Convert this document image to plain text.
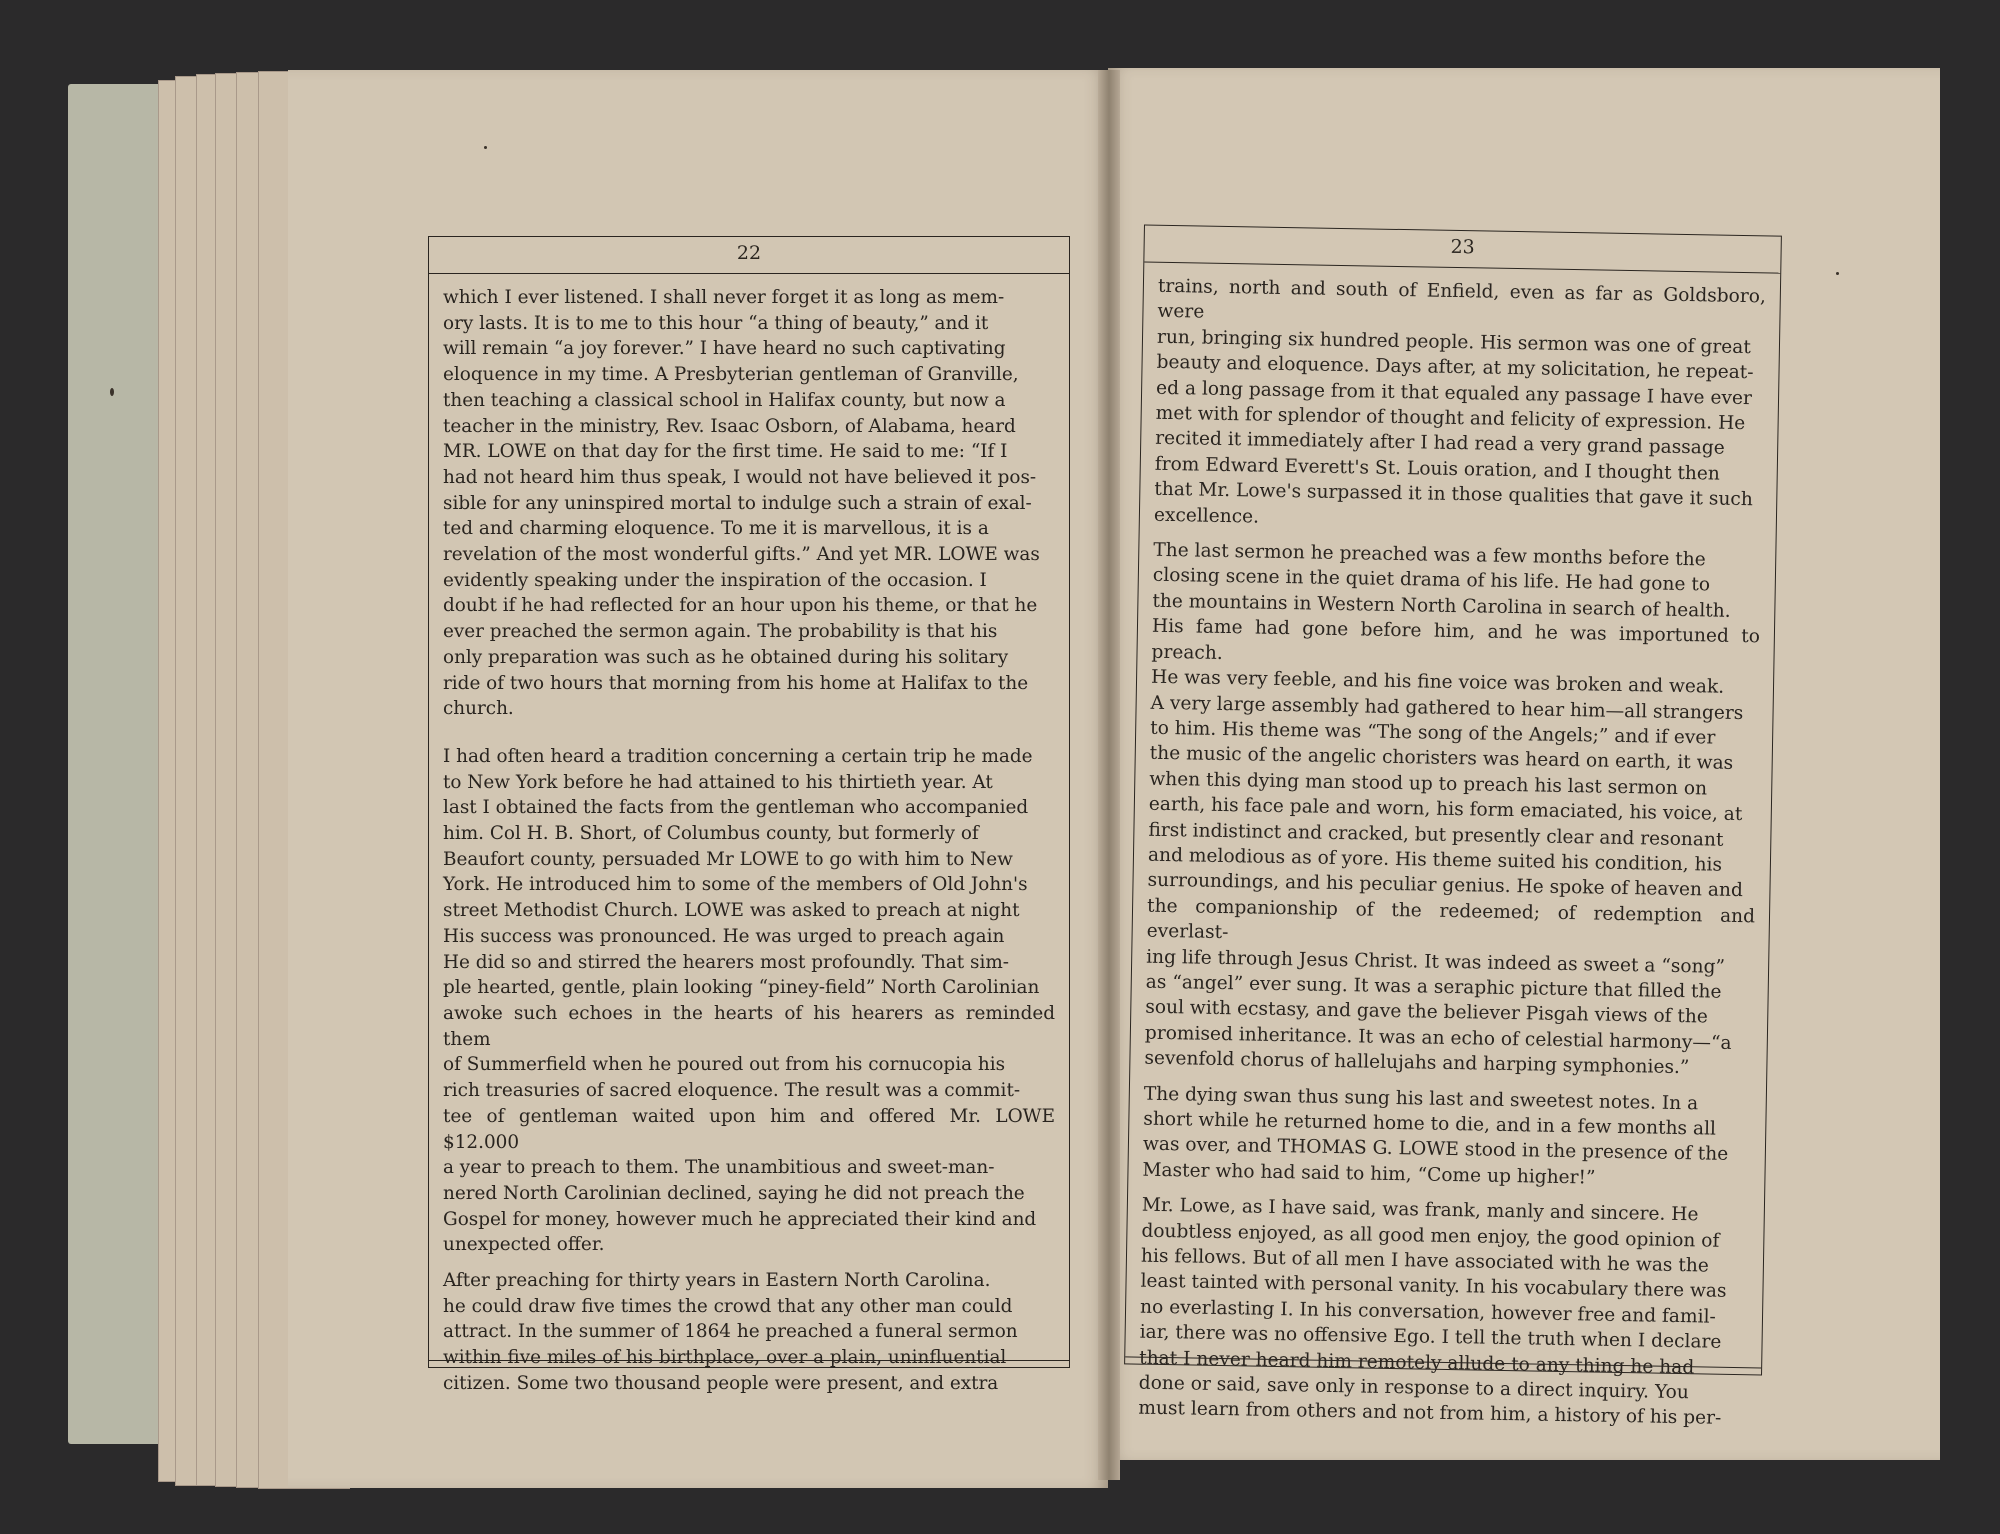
22

which I ever listened. I shall never forget it as long as mem-
ory lasts. It is to me to this hour “a thing of beauty,” and it
will remain “a joy forever.” I have heard no such captivating
eloquence in my time. A Presbyterian gentleman of Granville,
then teaching a classical school in Halifax county, but now a
teacher in the ministry, Rev. Isaac Osborn, of Alabama, heard
MR. LOWE on that day for the first time. He said to me: “If I
had not heard him thus speak, I would not have believed it pos-
sible for any uninspired mortal to indulge such a strain of exal-
ted and charming eloquence. To me it is marvellous, it is a
revelation of the most wonderful gifts.” And yet MR. LOWE was
evidently speaking under the inspiration of the occasion. I
doubt if he had reflected for an hour upon his theme, or that he
ever preached the sermon again. The probability is that his
only preparation was such as he obtained during his solitary
ride of two hours that morning from his home at Halifax to the
church.

I had often heard a tradition concerning a certain trip he made
to New York before he had attained to his thirtieth year. At
last I obtained the facts from the gentleman who accompanied
him. Col H. B. Short, of Columbus county, but formerly of
Beaufort county, persuaded Mr LOWE to go with him to New
York. He introduced him to some of the members of Old John's
street Methodist Church. LOWE was asked to preach at night
His success was pronounced. He was urged to preach again
He did so and stirred the hearers most profoundly. That sim-
ple hearted, gentle, plain looking “piney-field” North Carolinian
awoke such echoes in the hearts of his hearers as reminded them
of Summerfield when he poured out from his cornucopia his
rich treasuries of sacred eloquence. The result was a commit-
tee of gentleman waited upon him and offered Mr. LOWE $12.000
a year to preach to them. The unambitious and sweet-man-
nered North Carolinian declined, saying he did not preach the
Gospel for money, however much he appreciated their kind and
unexpected offer.

After preaching for thirty years in Eastern North Carolina.
he could draw five times the crowd that any other man could
attract. In the summer of 1864 he preached a funeral sermon
within five miles of his birthplace, over a plain, uninfluential
citizen. Some two thousand people were present, and extra

23

trains, north and south of Enfield, even as far as Goldsboro, were
run, bringing six hundred people. His sermon was one of great
beauty and eloquence. Days after, at my solicitation, he repeat-
ed a long passage from it that equaled any passage I have ever
met with for splendor of thought and felicity of expression. He
recited it immediately after I had read a very grand passage
from Edward Everett's St. Louis oration, and I thought then
that Mr. Lowe's surpassed it in those qualities that gave it such
excellence.

The last sermon he preached was a few months before the
closing scene in the quiet drama of his life. He had gone to
the mountains in Western North Carolina in search of health.
His fame had gone before him, and he was importuned to preach.
He was very feeble, and his fine voice was broken and weak.
A very large assembly had gathered to hear him—all strangers
to him. His theme was “The song of the Angels;” and if ever
the music of the angelic choristers was heard on earth, it was
when this dying man stood up to preach his last sermon on
earth, his face pale and worn, his form emaciated, his voice, at
first indistinct and cracked, but presently clear and resonant
and melodious as of yore. His theme suited his condition, his
surroundings, and his peculiar genius. He spoke of heaven and
the companionship of the redeemed; of redemption and everlast-
ing life through Jesus Christ. It was indeed as sweet a “song”
as “angel” ever sung. It was a seraphic picture that filled the
soul with ecstasy, and gave the believer Pisgah views of the
promised inheritance. It was an echo of celestial harmony—“a
sevenfold chorus of hallelujahs and harping symphonies.”

The dying swan thus sung his last and sweetest notes. In a
short while he returned home to die, and in a few months all
was over, and THOMAS G. LOWE stood in the presence of the
Master who had said to him, “Come up higher!”

Mr. Lowe, as I have said, was frank, manly and sincere. He
doubtless enjoyed, as all good men enjoy, the good opinion of
his fellows. But of all men I have associated with he was the
least tainted with personal vanity. In his vocabulary there was
no everlasting I. In his conversation, however free and famil-
iar, there was no offensive Ego. I tell the truth when I declare
that I never heard him remotely allude to any thing he had
done or said, save only in response to a direct inquiry. You
must learn from others and not from him, a history of his per-
